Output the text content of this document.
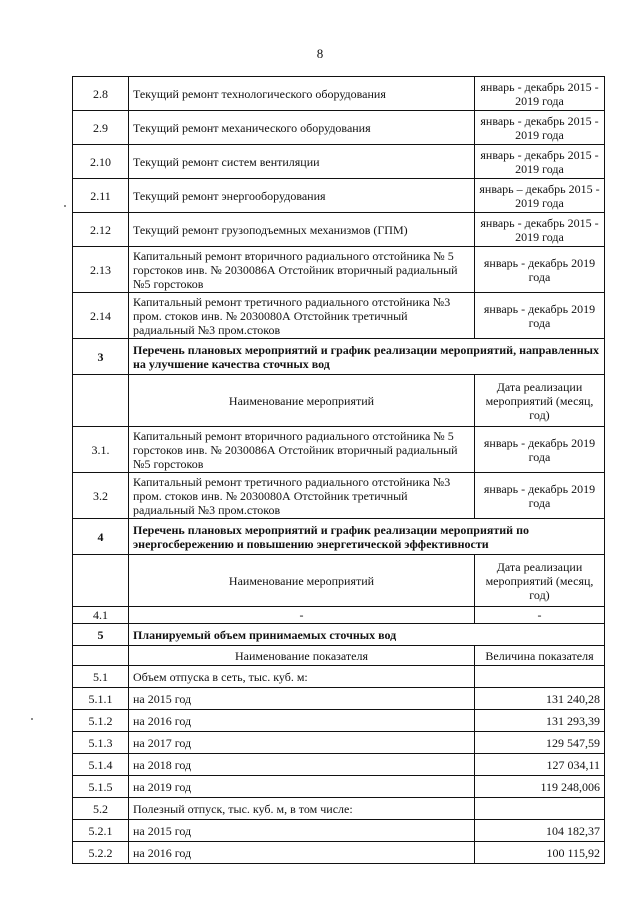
8
2.8	Текущий ремонт технологического оборудования	январь - декабрь 2015 - 2019 года
2.9	Текущий ремонт механического оборудования	январь - декабрь 2015 - 2019 года
2.10	Текущий ремонт систем вентиляции	январь - декабрь 2015 - 2019 года
2.11	Текущий ремонт энергооборудования	январь – декабрь 2015 - 2019 года
2.12	Текущий ремонт грузоподъемных механизмов (ГПМ)	январь - декабрь 2015 - 2019 года
2.13	Капитальный ремонт вторичного радиального отстойника № 5 горстоков инв. № 2030086А Отстойник вторичный радиальный №5 горстоков	январь - декабрь 2019 года
2.14	Капитальный ремонт третичного радиального отстойника №3 пром. стоков инв. № 2030080А Отстойник третичный радиальный №3 пром.стоков	январь - декабрь 2019 года
3	Перечень плановых мероприятий и график реализации мероприятий, направленных на улучшение качества сточных вод	
	Наименование мероприятий	Дата реализации мероприятий (месяц, год)
3.1.	Капитальный ремонт вторичного радиального отстойника № 5 горстоков инв. № 2030086А Отстойник вторичный радиальный №5 горстоков	январь - декабрь 2019 года
3.2	Капитальный ремонт третичного радиального отстойника №3 пром. стоков инв. № 2030080А Отстойник третичный радиальный №3 пром.стоков	январь - декабрь 2019 года
4	Перечень плановых мероприятий и график реализации мероприятий по энергосбережению и повышению энергетической эффективности	
	Наименование мероприятий	Дата реализации мероприятий (месяц, год)
4.1	-	-
5	Планируемый объем принимаемых сточных вод	
	Наименование показателя	Величина показателя
5.1	Объем отпуска в сеть, тыс. куб. м:	
5.1.1	на 2015 год	131 240,28
5.1.2	на 2016 год	131 293,39
5.1.3	на 2017 год	129 547,59
5.1.4	на 2018 год	127 034,11
5.1.5	на 2019 год	119 248,006
5.2	Полезный отпуск, тыс. куб. м, в том числе:	
5.2.1	на 2015 год	104 182,37
5.2.2	на 2016 год	100 115,92
